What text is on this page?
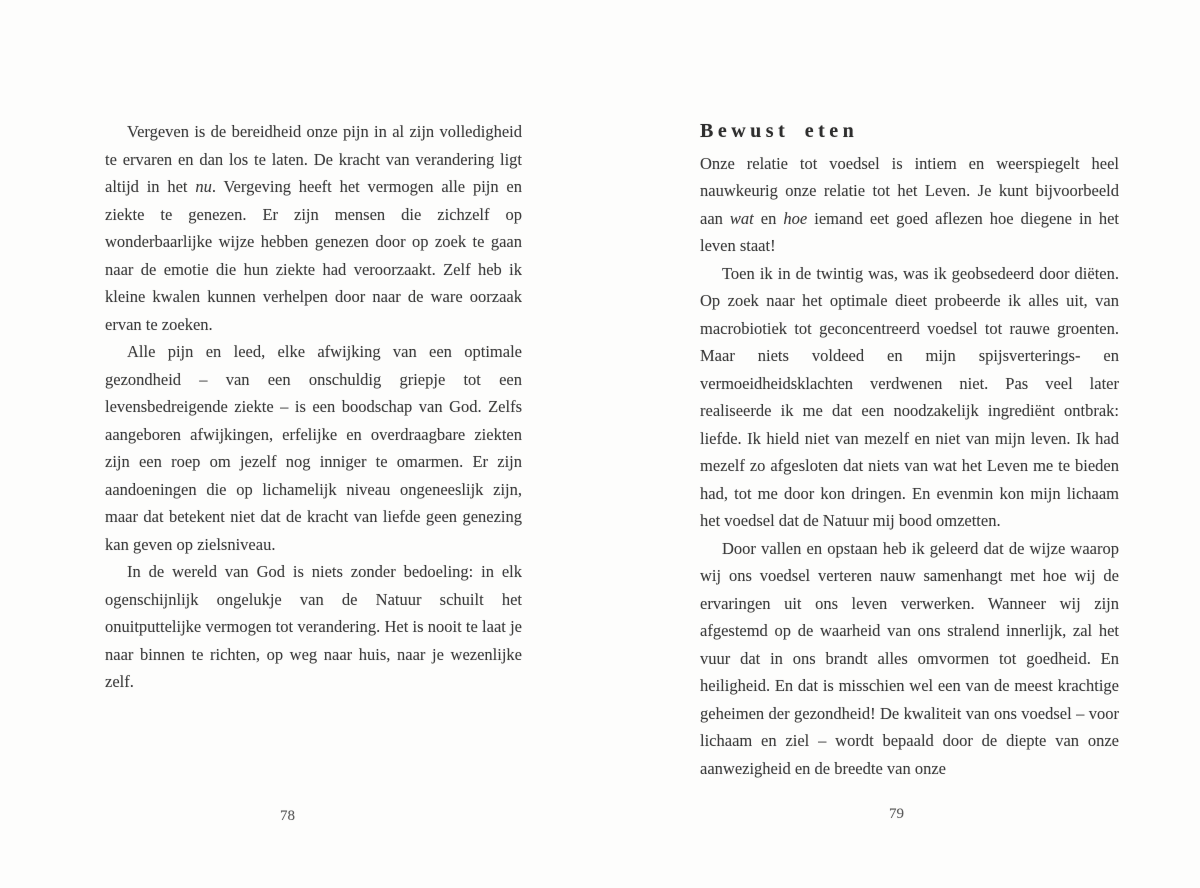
Vergeven is de bereidheid onze pijn in al zijn volledigheid te ervaren en dan los te laten. De kracht van verandering ligt altijd in het nu. Vergeving heeft het vermogen alle pijn en ziekte te genezen. Er zijn mensen die zichzelf op wonderbaarlijke wijze hebben genezen door op zoek te gaan naar de emotie die hun ziekte had veroorzaakt. Zelf heb ik kleine kwalen kunnen verhelpen door naar de ware oorzaak ervan te zoeken.

Alle pijn en leed, elke afwijking van een optimale gezondheid – van een onschuldig griepje tot een levensbedreigende ziekte – is een boodschap van God. Zelfs aangeboren afwijkingen, erfelijke en overdraagbare ziekten zijn een roep om jezelf nog inniger te omarmen. Er zijn aandoeningen die op lichamelijk niveau ongeneeslijk zijn, maar dat betekent niet dat de kracht van liefde geen genezing kan geven op zielsniveau.

In de wereld van God is niets zonder bedoeling: in elk ogenschijnlijk ongelukje van de Natuur schuilt het onuitputtelijke vermogen tot verandering. Het is nooit te laat je naar binnen te richten, op weg naar huis, naar je wezenlijke zelf.

Bewust eten

Onze relatie tot voedsel is intiem en weerspiegelt heel nauwkeurig onze relatie tot het Leven. Je kunt bijvoorbeeld aan wat en hoe iemand eet goed aflezen hoe diegene in het leven staat!

Toen ik in de twintig was, was ik geobsedeerd door diëten. Op zoek naar het optimale dieet probeerde ik alles uit, van macrobiotiek tot geconcentreerd voedsel tot rauwe groenten. Maar niets voldeed en mijn spijsverterings- en vermoeidheidsklachten verdwenen niet. Pas veel later realiseerde ik me dat een noodzakelijk ingrediënt ontbrak: liefde. Ik hield niet van mezelf en niet van mijn leven. Ik had mezelf zo afgesloten dat niets van wat het Leven me te bieden had, tot me door kon dringen. En evenmin kon mijn lichaam het voedsel dat de Natuur mij bood omzetten.

Door vallen en opstaan heb ik geleerd dat de wijze waarop wij ons voedsel verteren nauw samenhangt met hoe wij de ervaringen uit ons leven verwerken. Wanneer wij zijn afgestemd op de waarheid van ons stralend innerlijk, zal het vuur dat in ons brandt alles omvormen tot goedheid. En heiligheid. En dat is misschien wel een van de meest krachtige geheimen der gezondheid! De kwaliteit van ons voedsel – voor lichaam en ziel – wordt bepaald door de diepte van onze aanwezigheid en de breedte van onze

78	79
